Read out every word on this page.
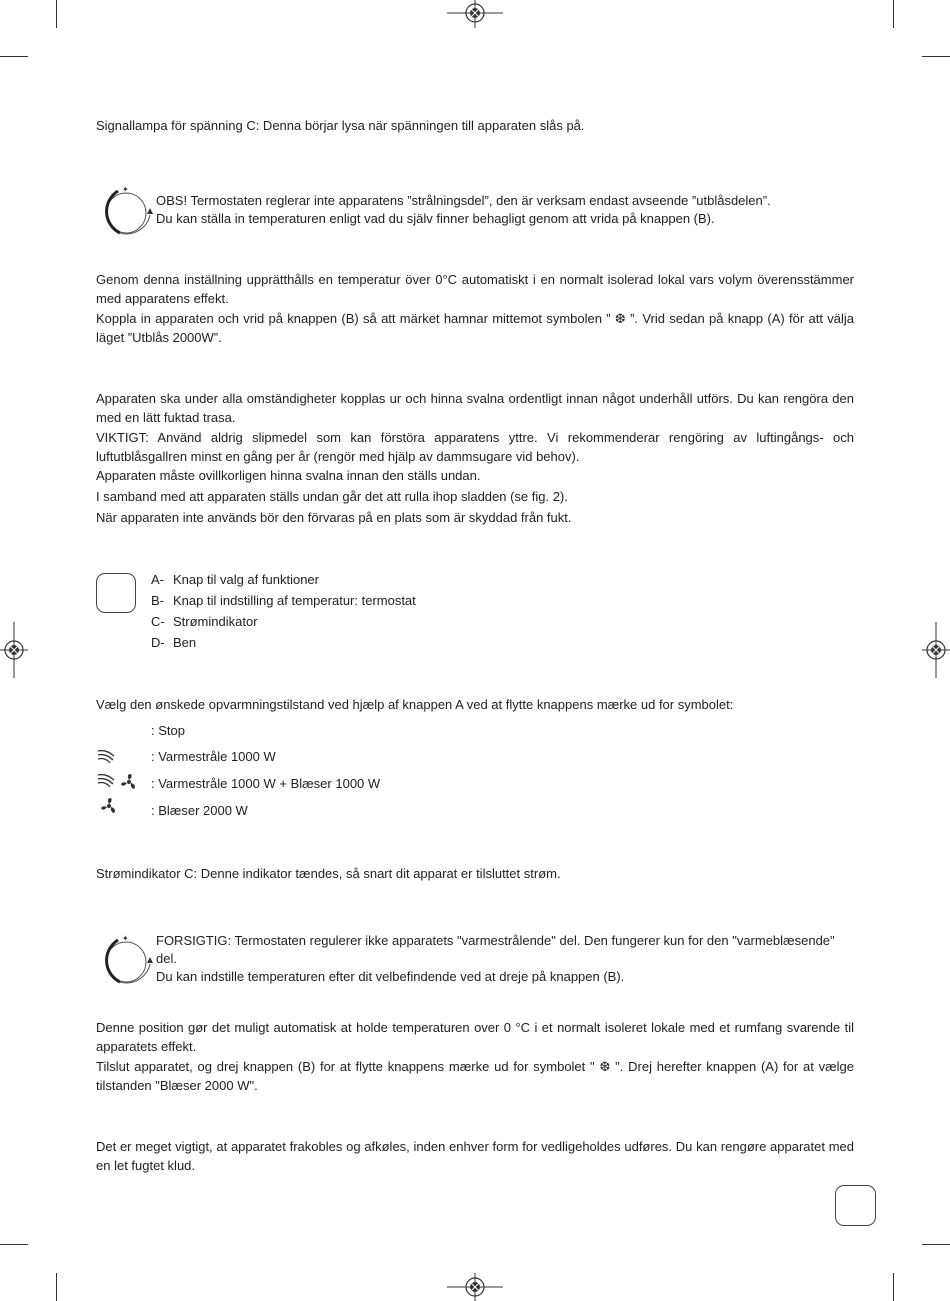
Signallampa för spänning C: Denna börjar lysa när spänningen till apparaten slås på.

✦
OBS! Termostaten reglerar inte apparatens ”strålningsdel”, den är verksam endast avseende ”utblåsdelen”.
Du kan ställa in temperaturen enligt vad du själv finner behagligt genom att vrida på knappen (B).

Genom denna inställning upprätthålls en temperatur över 0°C automatiskt i en normalt isolerad lokal vars volym överensstämmer med apparatens effekt.

Koppla in apparaten och vrid på knappen (B) så att märket hamnar mittemot symbolen ” ❆ ”. Vrid sedan på knapp (A) för att välja läget ”Utblås 2000W”.

Apparaten ska under alla omständigheter kopplas ur och hinna svalna ordentligt innan något underhåll utförs. Du kan rengöra den med en lätt fuktad trasa.

VIKTIGT: Använd aldrig slipmedel som kan förstöra apparatens yttre. Vi rekommenderar rengöring av luftingångs- och luftutblåsgallren minst en gång per år (rengör med hjälp av dammsugare vid behov).

Apparaten måste ovillkorligen hinna svalna innan den ställs undan.

I samband med att apparaten ställs undan går det att rulla ihop sladden (se fig. 2).

När apparaten inte används bör den förvaras på en plats som är skyddad från fukt.

A- Knap til valg af funktioner
B- Knap til indstilling af temperatur: termostat
C- Strømindikator
D- Ben

Vælg den ønskede opvarmningstilstand ved hjælp af knappen A ved at flytte knappens mærke ud for symbolet:

: Stop
: Varmestråle 1000 W
: Varmestråle 1000 W + Blæser 1000 W
: Blæser 2000 W

Strømindikator C: Denne indikator tændes, så snart dit apparat er tilsluttet strøm.

✦ FORSIGTIG: Termostaten regulerer ikke apparatets "varmestrålende" del. Den fungerer kun for den "varmeblæsende" del.
Du kan indstille temperaturen efter dit velbefindende ved at dreje på knappen (B).

Denne position gør det muligt automatisk at holde temperaturen over 0 °C i et normalt isoleret lokale med et rumfang svarende til apparatets effekt.

Tilslut apparatet, og drej knappen (B) for at flytte knappens mærke ud for symbolet " ❆ ". Drej herefter knappen (A) for at vælge tilstanden "Blæser 2000 W".

Det er meget vigtigt, at apparatet frakobles og afkøles, inden enhver form for vedligeholdes udføres. Du kan rengøre apparatet med en let fugtet klud.
